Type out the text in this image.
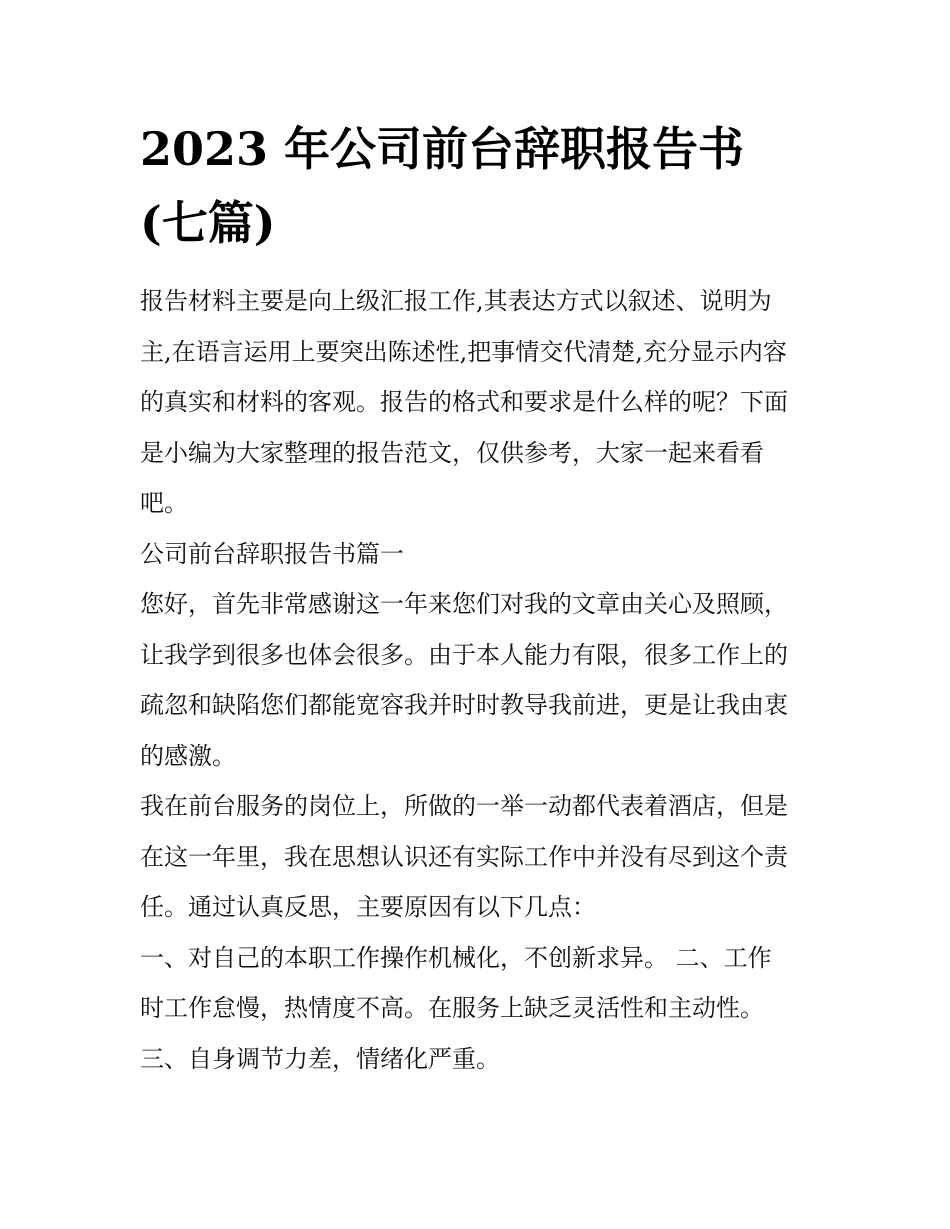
2023 年公司前台辞职报告书
(七篇)
报告材料主要是向上级汇报工作,其表达方式以叙述、说明为
主,在语言运用上要突出陈述性,把事情交代清楚,充分显示内容
的真实和材料的客观。报告的格式和要求是什么样的呢？下面
是小编为大家整理的报告范文，仅供参考，大家一起来看看
吧。
公司前台辞职报告书篇一
您好，首先非常感谢这一年来您们对我的文章由关心及照顾，
让我学到很多也体会很多。由于本人能力有限，很多工作上的
疏忽和缺陷您们都能宽容我并时时教导我前进，更是让我由衷
的感激。
我在前台服务的岗位上，所做的一举一动都代表着酒店，但是
在这一年里，我在思想认识还有实际工作中并没有尽到这个责
任。通过认真反思，主要原因有以下几点：
一、对自己的本职工作操作机械化，不创新求异。 二、工作
时工作怠慢，热情度不高。在服务上缺乏灵活性和主动性。
三、自身调节力差，情绪化严重。
